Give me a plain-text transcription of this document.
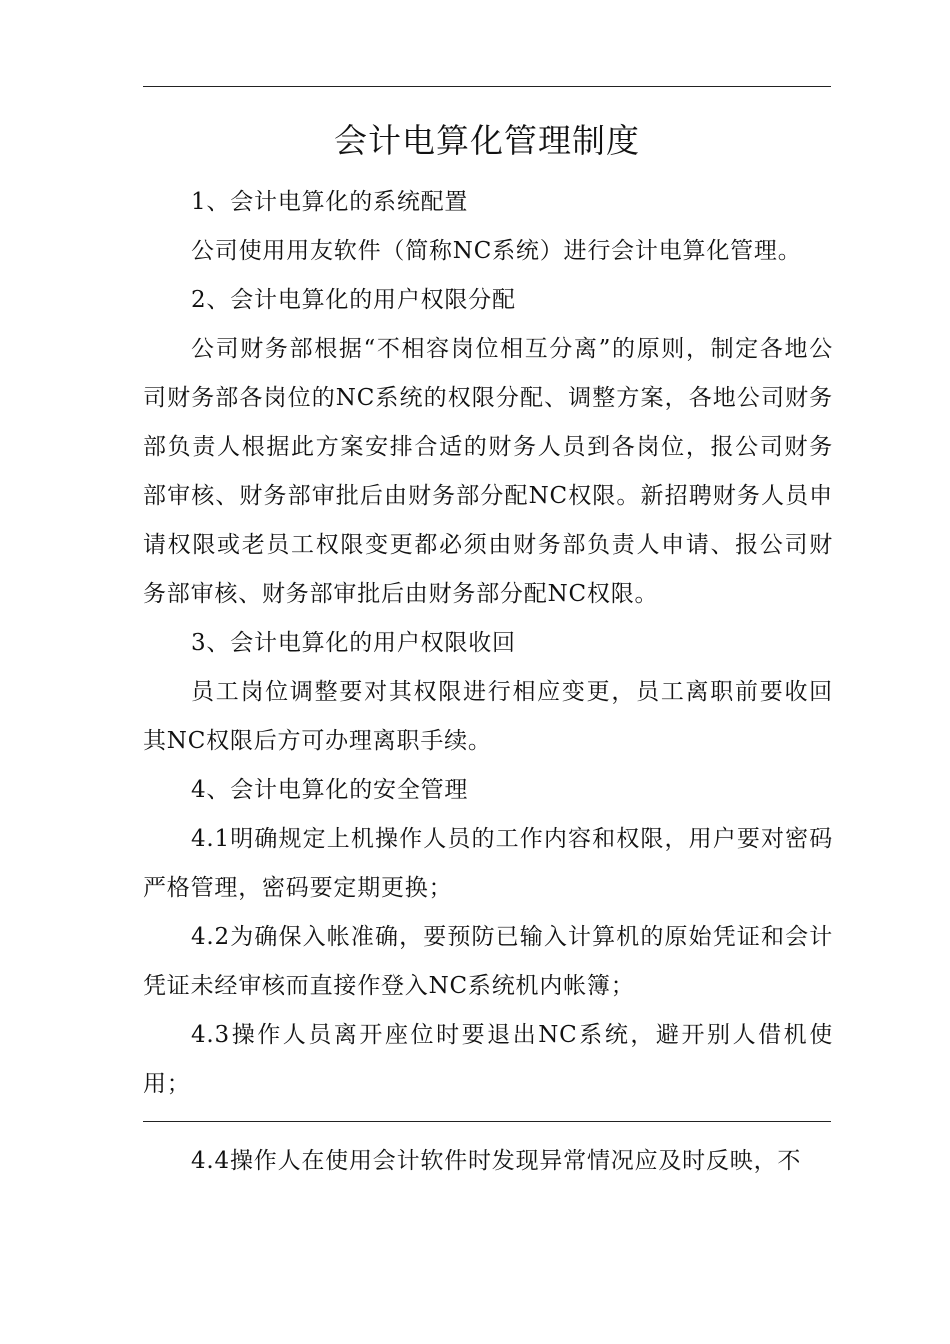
会计电算化管理制度

1、会计电算化的系统配置

公司使用用友软件（简称NC系统）进行会计电算化管理。

2、会计电算化的用户权限分配

公司财务部根据“不相容岗位相互分离”的原则，制定各地公司财务部各岗位的NC系统的权限分配、调整方案，各地公司财务部负责人根据此方案安排合适的财务人员到各岗位，报公司财务部审核、财务部审批后由财务部分配NC权限。新招聘财务人员申请权限或老员工权限变更都必须由财务部负责人申请、报公司财务部审核、财务部审批后由财务部分配NC权限。

3、会计电算化的用户权限收回

员工岗位调整要对其权限进行相应变更，员工离职前要收回其NC权限后方可办理离职手续。

4、会计电算化的安全管理

4.1明确规定上机操作人员的工作内容和权限，用户要对密码严格管理，密码要定期更换；

4.2为确保入帐准确，要预防已输入计算机的原始凭证和会计凭证未经审核而直接作登入NC系统机内帐簿；

4.3操作人员离开座位时要退出NC系统，避开别人借机使用；

4.4操作人在使用会计软件时发现异常情况应及时反映，不
